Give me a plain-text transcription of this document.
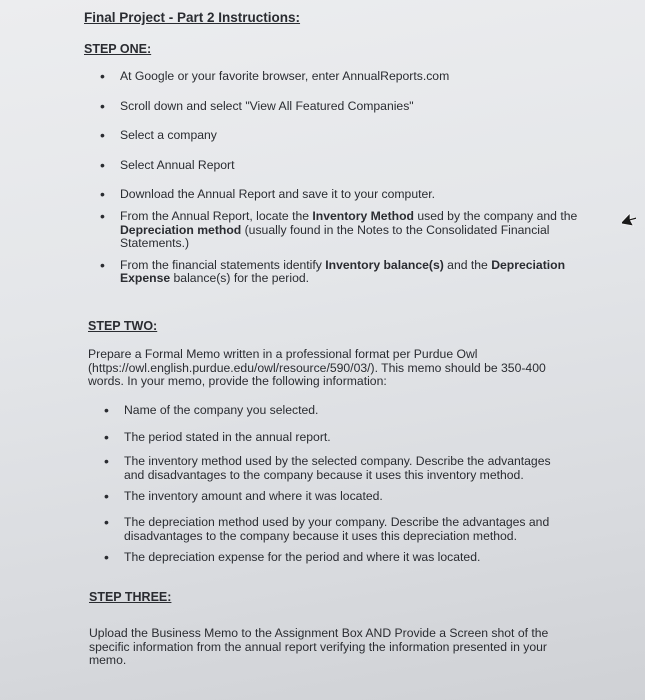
Final Project - Part 2 Instructions:
STEP ONE:
• At Google or your favorite browser, enter AnnualReports.com
• Scroll down and select "View All Featured Companies"
• Select a company
• Select Annual Report
• Download the Annual Report and save it to your computer.
• From the Annual Report, locate the Inventory Method used by the company and the Depreciation method (usually found in the Notes to the Consolidated Financial Statements.)
• From the financial statements identify Inventory balance(s) and the Depreciation Expense balance(s) for the period.
STEP TWO:
Prepare a Formal Memo written in a professional format per Purdue Owl (https://owl.english.purdue.edu/owl/resource/590/03/). This memo should be 350-400 words. In your memo, provide the following information:
• Name of the company you selected.
• The period stated in the annual report.
• The inventory method used by the selected company. Describe the advantages and disadvantages to the company because it uses this inventory method.
• The inventory amount and where it was located.
• The depreciation method used by your company. Describe the advantages and disadvantages to the company because it uses this depreciation method.
• The depreciation expense for the period and where it was located.
STEP THREE:
Upload the Business Memo to the Assignment Box AND Provide a Screen shot of the specific information from the annual report verifying the information presented in your memo.
